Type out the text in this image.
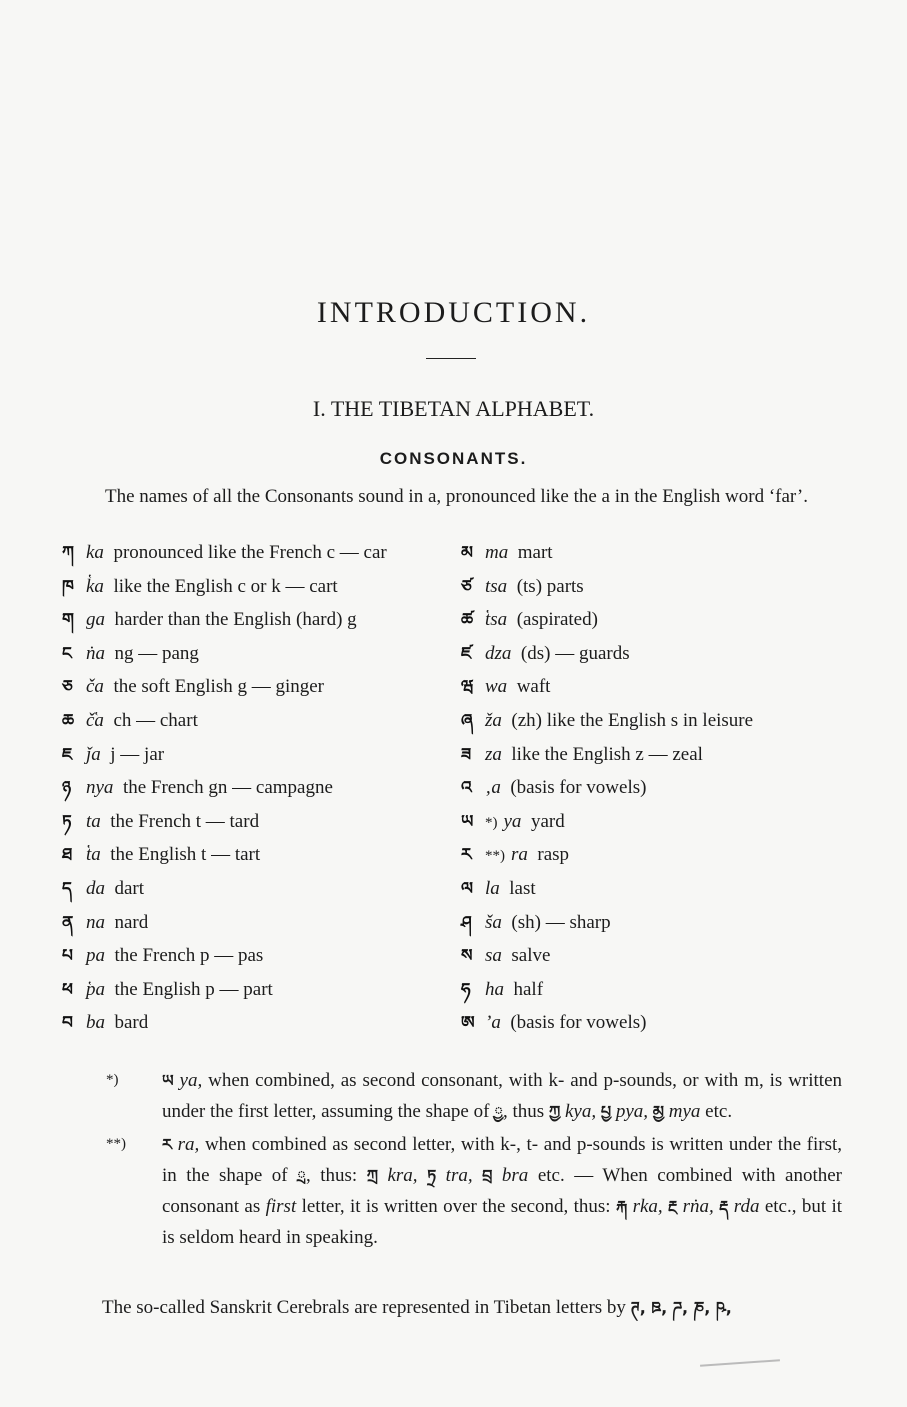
INTRODUCTION.
I. THE TIBETAN ALPHABET.
CONSONANTS.
The names of all the Consonants sound in a, pronounced like the a in the English word ‘far’.
ཀ ka pronounced like the French c — car
ཁ k̔a like the English c or k — cart
ག ga harder than the English (hard) g
ང ṅa ng — pang
ཅ ča the soft English g — ginger
ཆ č̔a ch — chart
ཇ ǰa j — jar
ཉ nya the French gn — campagne
ཏ ta the French t — tard
ཐ t̔a the English t — tart
ད da dart
ན na nard
པ pa the French p — pas
ཕ p̔a the English p — part
བ ba bard
མ ma mart
ཙ tsa (ts) parts
ཚ t̔sa (aspirated)
ཛ dza (ds) — guards
ཝ wa waft
ཞ ža (zh) like the English s in leisure
ཟ za like the English z — zeal
འ ‚a (basis for vowels)
ཡ *) ya yard
ར **) ra rasp
ལ la last
ཤ ša (sh) — sharp
ས sa salve
ཧ ha half
ཨ ʼa (basis for vowels)
*)	ཡ ya, when combined, as second consonant, with k- and p-sounds, or with m, is written under the first letter, assuming the shape of ྱ, thus ཀྱ kya, པྱ pya, མྱ mya etc.
**) ར ra, when combined as second letter, with k-, t- and p-sounds is written under the first, in the shape of ྲ, thus: ཀྲ kra, ཏྲ tra, བྲ bra etc. — When combined with another consonant as first letter, it is written over the second, thus: རྐ rka, རྔ rṅa, རྡ rda etc., but it is seldom heard in speaking.
The so-called Sanskrit Cerebrals are represented in Tibetan letters by ཊ, ཋ, ཌ, ཎ, ཥ,
